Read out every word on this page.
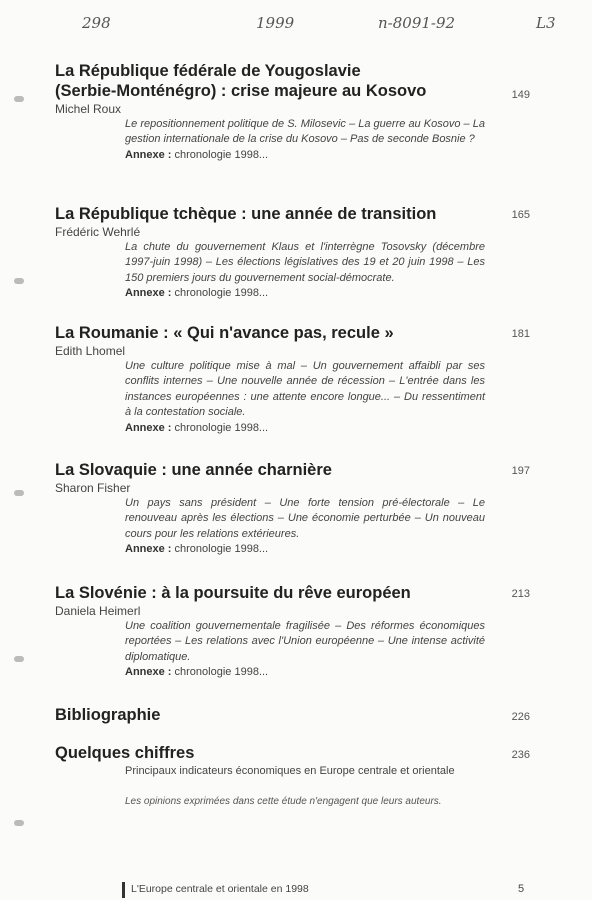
298	1999	n-8091-92	L3
La République fédérale de Yougoslavie
(Serbie-Monténégro) : crise majeure au Kosovo	149
Michel Roux
Le repositionnement politique de S. Milosevic – La guerre au Kosovo – La gestion internationale de la crise du Kosovo – Pas de seconde Bosnie ?
Annexe : chronologie 1998...
La République tchèque : une année de transition	165
Frédéric Wehrlé
La chute du gouvernement Klaus et l'interrègne Tosovsky (décembre 1997-juin 1998) – Les élections législatives des 19 et 20 juin 1998 – Les 150 premiers jours du gouvernement social-démocrate.
Annexe : chronologie 1998...
La Roumanie : « Qui n'avance pas, recule »	181
Edith Lhomel
Une culture politique mise à mal – Un gouvernement affaibli par ses conflits internes – Une nouvelle année de récession – L'entrée dans les instances européennes : une attente encore longue... – Du ressentiment à la contestation sociale.
Annexe : chronologie 1998...
La Slovaquie : une année charnière	197
Sharon Fisher
Un pays sans président – Une forte tension pré-électorale – Le renouveau après les élections – Une économie perturbée – Un nouveau cours pour les relations extérieures.
Annexe : chronologie 1998...
La Slovénie : à la poursuite du rêve européen	213
Daniela Heimerl
Une coalition gouvernementale fragilisée – Des réformes économiques reportées – Les relations avec l'Union européenne – Une intense activité diplomatique.
Annexe : chronologie 1998...
Bibliographie	226
Quelques chiffres	236
Principaux indicateurs économiques en Europe centrale et orientale
Les opinions exprimées dans cette étude n'engagent que leurs auteurs.
L'Europe centrale et orientale en 1998	5
